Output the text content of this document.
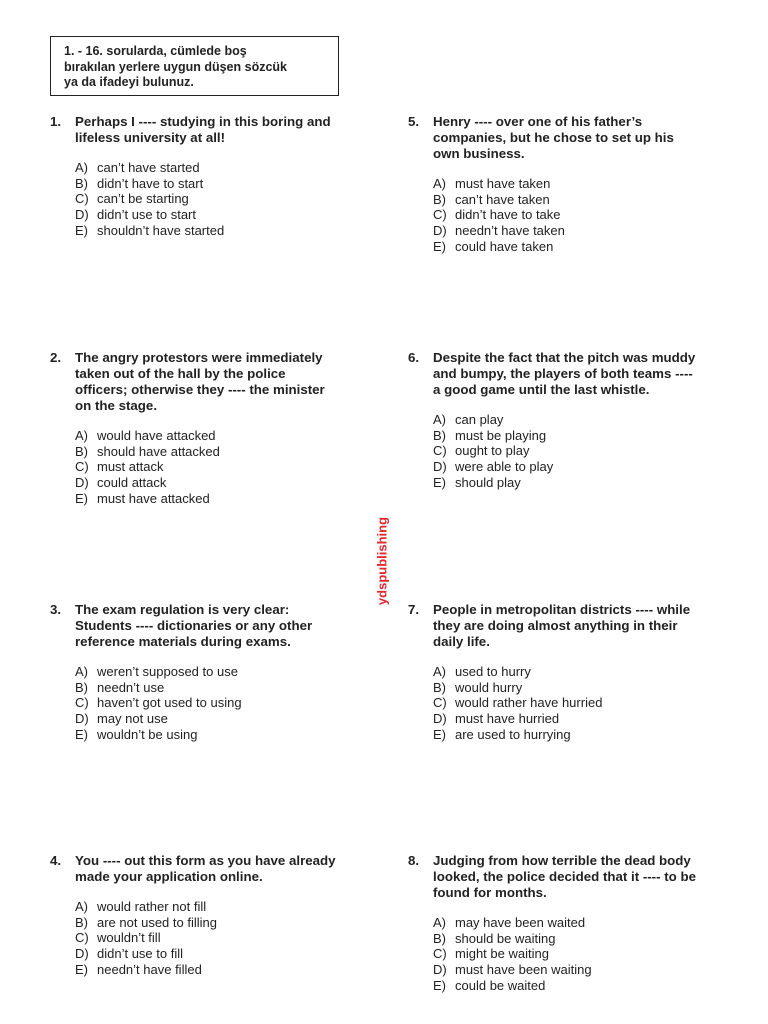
1. - 16. sorularda, cümlede boş
bırakılan yerlere uygun düşen sözcük
ya da ifadeyi bulunuz.
ydspublishing
1. Perhaps I ---- studying in this boring and
lifeless university at all!
A) can’t have started
B) didn’t have to start
C) can’t be starting
D) didn’t use to start
E) shouldn’t have started
2. The angry protestors were immediately
taken out of the hall by the police
officers; otherwise they ---- the minister
on the stage.
A) would have attacked
B) should have attacked
C) must attack
D) could attack
E) must have attacked
3. The exam regulation is very clear:
Students ---- dictionaries or any other
reference materials during exams.
A) weren’t supposed to use
B) needn’t use
C) haven’t got used to using
D) may not use
E) wouldn’t be using
4. You ---- out this form as you have already
made your application online.
A) would rather not fill
B) are not used to filling
C) wouldn’t fill
D) didn’t use to fill
E) needn’t have filled
5. Henry ---- over one of his father’s
companies, but he chose to set up his
own business.
A) must have taken
B) can’t have taken
C) didn’t have to take
D) needn’t have taken
E) could have taken
6. Despite the fact that the pitch was muddy
and bumpy, the players of both teams ----
a good game until the last whistle.
A) can play
B) must be playing
C) ought to play
D) were able to play
E) should play
7. People in metropolitan districts ---- while
they are doing almost anything in their
daily life.
A) used to hurry
B) would hurry
C) would rather have hurried
D) must have hurried
E) are used to hurrying
8. Judging from how terrible the dead body
looked, the police decided that it ---- to be
found for months.
A) may have been waited
B) should be waiting
C) might be waiting
D) must have been waiting
E) could be waited
